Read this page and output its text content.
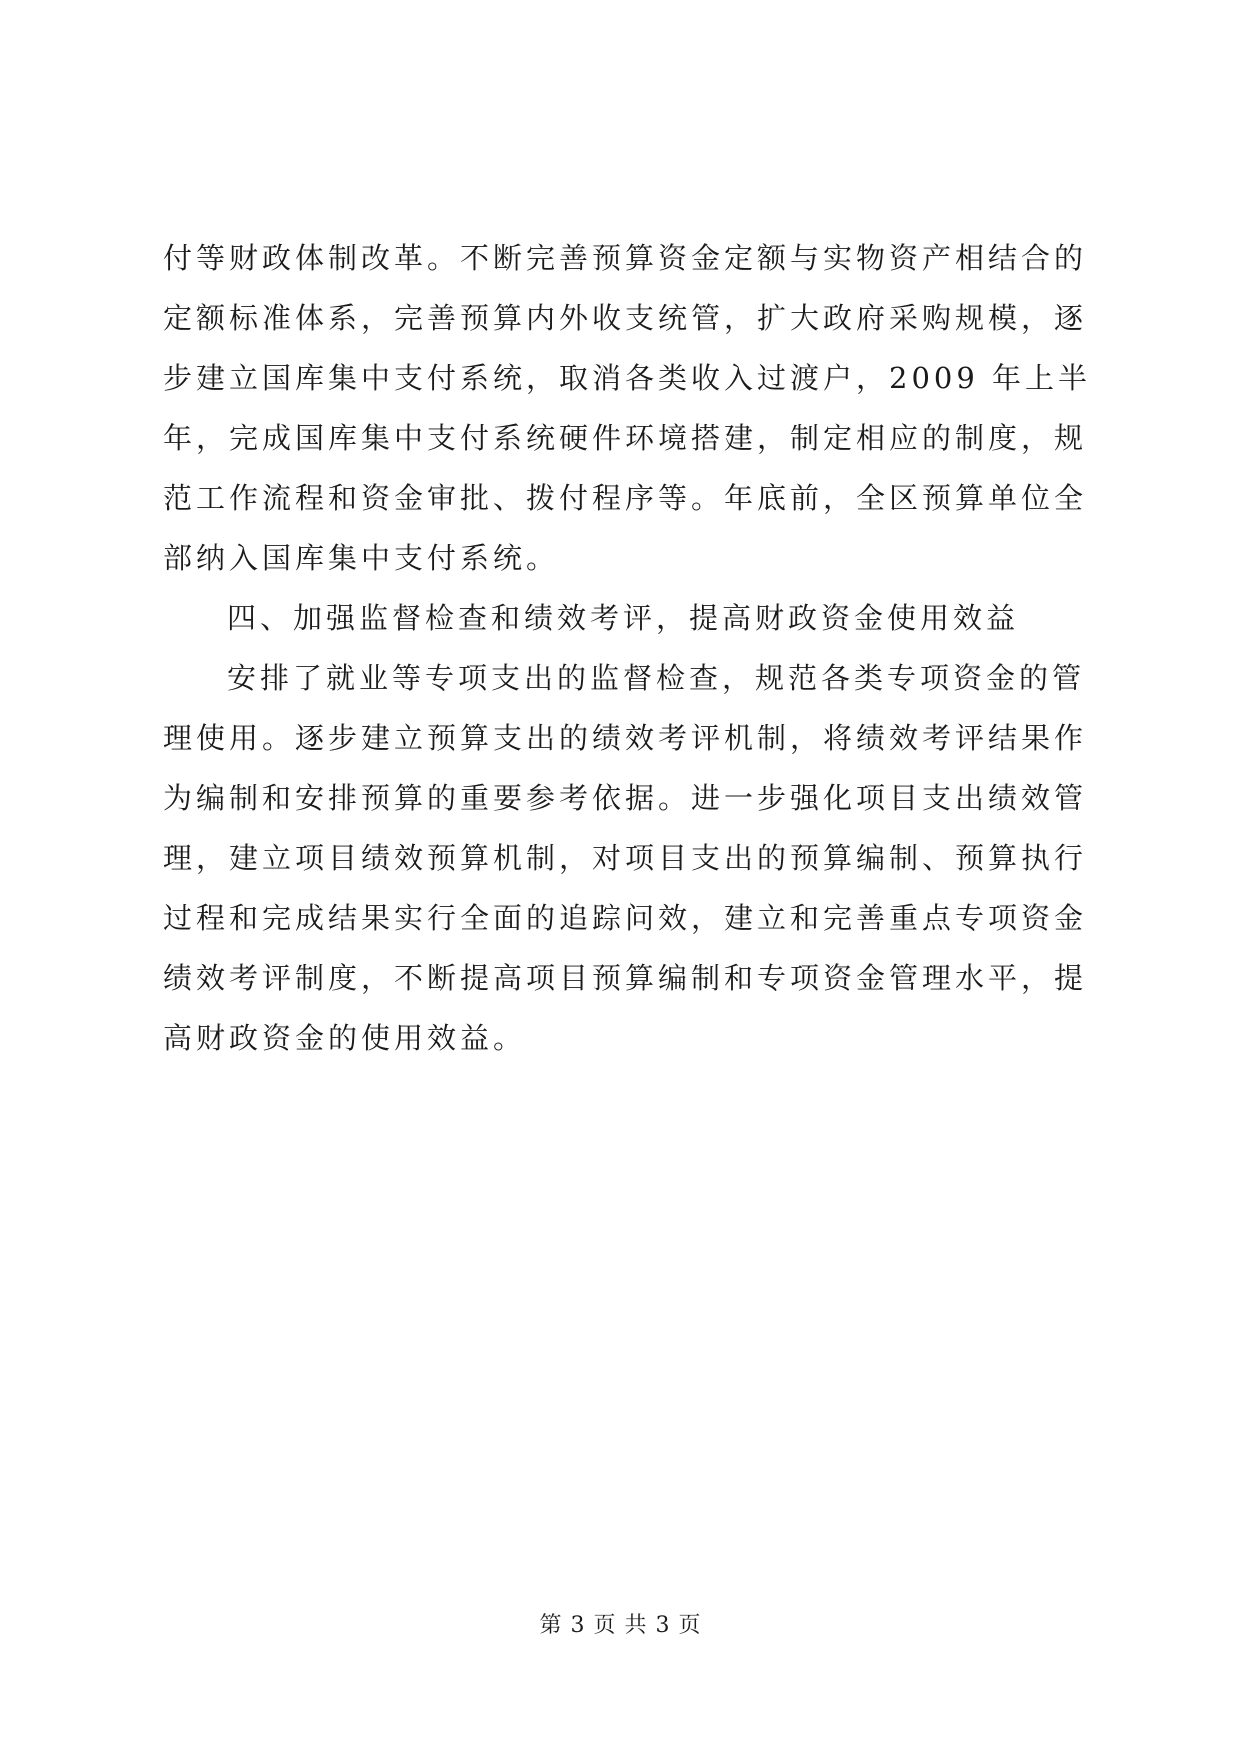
付等财政体制改革。不断完善预算资金定额与实物资产相结合的
定额标准体系，完善预算内外收支统管，扩大政府采购规模，逐
步建立国库集中支付系统，取消各类收入过渡户，2009 年上半
年，完成国库集中支付系统硬件环境搭建，制定相应的制度，规
范工作流程和资金审批、拨付程序等。年底前，全区预算单位全
部纳入国库集中支付系统。
四、加强监督检查和绩效考评，提高财政资金使用效益
安排了就业等专项支出的监督检查，规范各类专项资金的管
理使用。逐步建立预算支出的绩效考评机制，将绩效考评结果作
为编制和安排预算的重要参考依据。进一步强化项目支出绩效管
理，建立项目绩效预算机制，对项目支出的预算编制、预算执行
过程和完成结果实行全面的追踪问效，建立和完善重点专项资金
绩效考评制度，不断提高项目预算编制和专项资金管理水平，提
高财政资金的使用效益。
第 3 页 共 3 页
